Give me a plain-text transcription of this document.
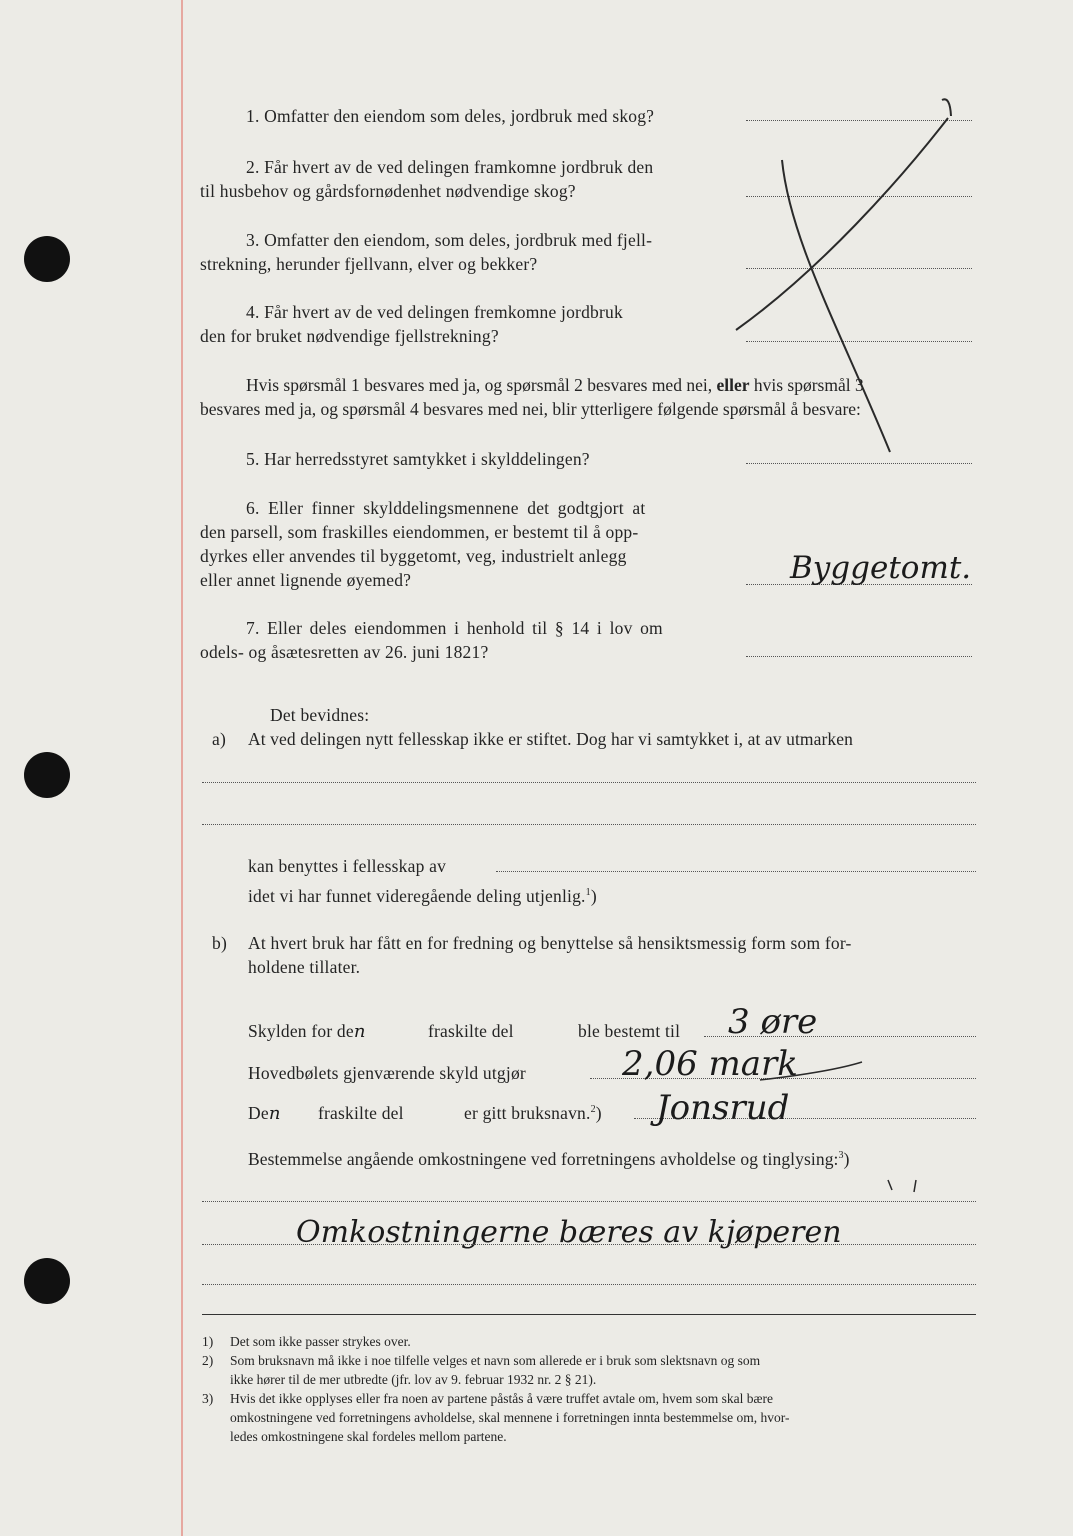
1. Omfatter den eiendom som deles, jordbruk med skog?
2. Får hvert av de ved delingen framkomne jordbruk den
til husbehov og gårdsfornødenhet nødvendige skog?
3. Omfatter den eiendom, som deles, jordbruk med fjell-
strekning, herunder fjellvann, elver og bekker?
4. Får hvert av de ved delingen fremkomne jordbruk
den for bruket nødvendige fjellstrekning?
Hvis spørsmål 1 besvares med ja, og spørsmål 2 besvares med nei, eller hvis spørsmål 3
besvares med ja, og spørsmål 4 besvares med nei, blir ytterligere følgende spørsmål å besvare:
5. Har herredsstyret samtykket i skylddelingen?
6. Eller finner skylddelingsmennene det godtgjort at
den parsell, som fraskilles eiendommen, er bestemt til å opp-
dyrkes eller anvendes til byggetomt, veg, industrielt anlegg
eller annet lignende øyemed?	Byggetomt.
7. Eller deles eiendommen i henhold til § 14 i lov om
odels- og åsætesretten av 26. juni 1821?
Det bevidnes:
a) At ved delingen nytt fellesskap ikke er stiftet. Dog har vi samtykket i, at av utmarken
kan benyttes i fellesskap av
idet vi har funnet videregående deling utjenlig.$^1$)
b) At hvert bruk har fått en for fredning og benyttelse så hensiktsmessig form som for-
holdene tillater.
Skylden for den	fraskilte del	ble bestemt til 3 øre
Hovedbølets gjenværende skyld utgjør	2,06 mark
Den fraskilte del	er gitt bruksnavn.$^2$) Jonsrud
Bestemmelse angående omkostningene ved forretningens avholdelse og tinglysing:$^3$)
Omkostningerne bæres av kjøperen
1) Det som ikke passer strykes over.
2) Som bruksnavn må ikke i noe tilfelle velges et navn som allerede er i bruk som slektsnavn og som
ikke hører til de mer utbredte (jfr. lov av 9. februar 1932 nr. 2 § 21).
3) Hvis det ikke opplyses eller fra noen av partene påstås å være truffet avtale om, hvem som skal bære
omkostningene ved forretningens avholdelse, skal mennene i forretningen innta bestemmelse om, hvor-
ledes omkostningene skal fordeles mellom partene.
